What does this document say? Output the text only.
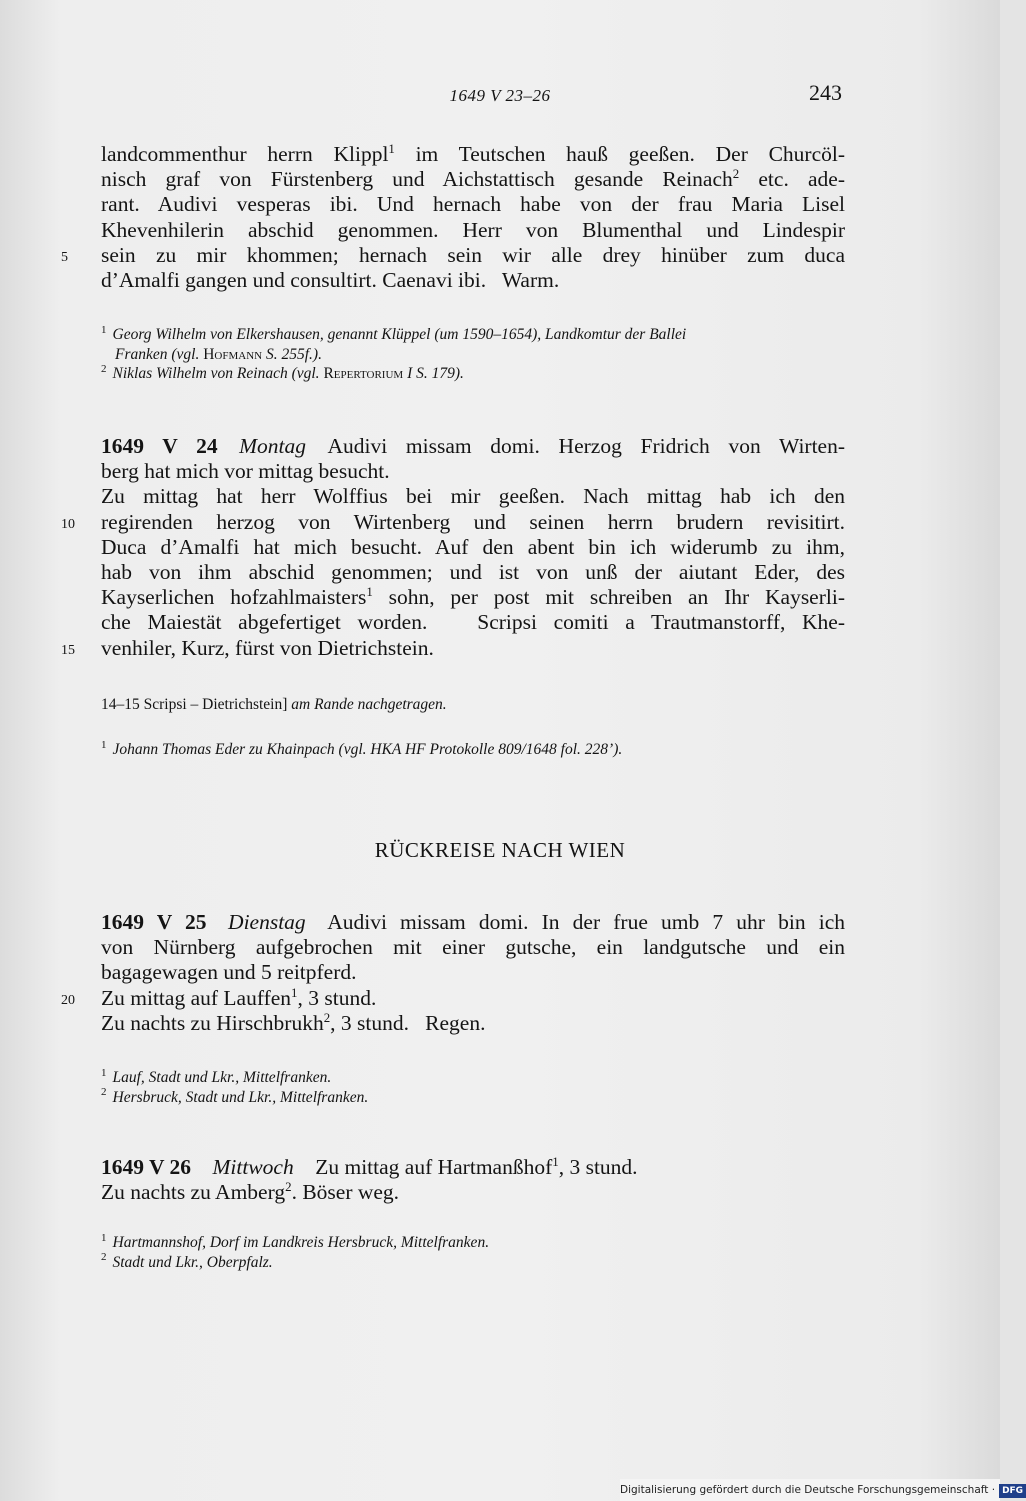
1649 V 23–26	243
landcommenthur herrn Klippl$^1$ im Teutschen hauß geeßen. Der Churcöl-
nisch graf von Fürstenberg und Aichstattisch gesande Reinach$^2$ etc. ade-
rant. Audivi vesperas ibi. Und hernach habe von der frau Maria Lisel
Khevenhilerin abschid genommen. Herr von Blumenthal und Lindespir
5	sein zu mir khommen; hernach sein wir alle drey hinüber zum duca
d’Amalfi gangen und consultirt. Caenavi ibi.   Warm.
$^1$ Georg Wilhelm von Elkershausen, genannt Klüppel (um 1590–1654), Landkomtur der Ballei
Franken (vgl. Hofmann S. 255f.).
$^2$ Niklas Wilhelm von Reinach (vgl. Repertorium I S. 179).
1649 V 24  Montag  Audivi missam domi. Herzog Fridrich von Wirten-
berg hat mich vor mittag besucht.
Zu mittag hat herr Wolffius bei mir geeßen. Nach mittag hab ich den
10	regirenden herzog von Wirtenberg und seinen herrn brudern revisitirt.
Duca d’Amalfi hat mich besucht. Auf den abent bin ich widerumb zu ihm,
hab von ihm abschid genommen; und ist von unß der aiutant Eder, des
Kayserlichen hofzahlmaisters$^1$ sohn, per post mit schreiben an Ihr Kayserli-
che Maiestät abgefertiget worden.   Scripsi comiti a Trautmanstorff, Khe-
15	venhiler, Kurz, fürst von Dietrichstein.
14–15 Scripsi – Dietrichstein] am Rande nachgetragen.
$^1$ Johann Thomas Eder zu Khainpach (vgl. HKA HF Protokolle 809/1648 fol. 228’).
RÜCKREISE NACH WIEN
1649 V 25  Dienstag  Audivi missam domi. In der frue umb 7 uhr bin ich
von Nürnberg aufgebrochen mit einer gutsche, ein landgutsche und ein
bagagewagen und 5 reitpferd.
20	Zu mittag auf Lauffen$^1$, 3 stund.
Zu nachts zu Hirschbrukh$^2$, 3 stund.   Regen.
$^1$ Lauf, Stadt und Lkr., Mittelfranken.
$^2$ Hersbruck, Stadt und Lkr., Mittelfranken.
1649 V 26  Mittwoch  Zu mittag auf Hartmanßhof$^1$, 3 stund.
Zu nachts zu Amberg$^2$. Böser weg.
$^1$ Hartmannshof, Dorf im Landkreis Hersbruck, Mittelfranken.
$^2$ Stadt und Lkr., Oberpfalz.
Digitalisierung gefördert durch die Deutsche Forschungsgemeinschaft · DFG
